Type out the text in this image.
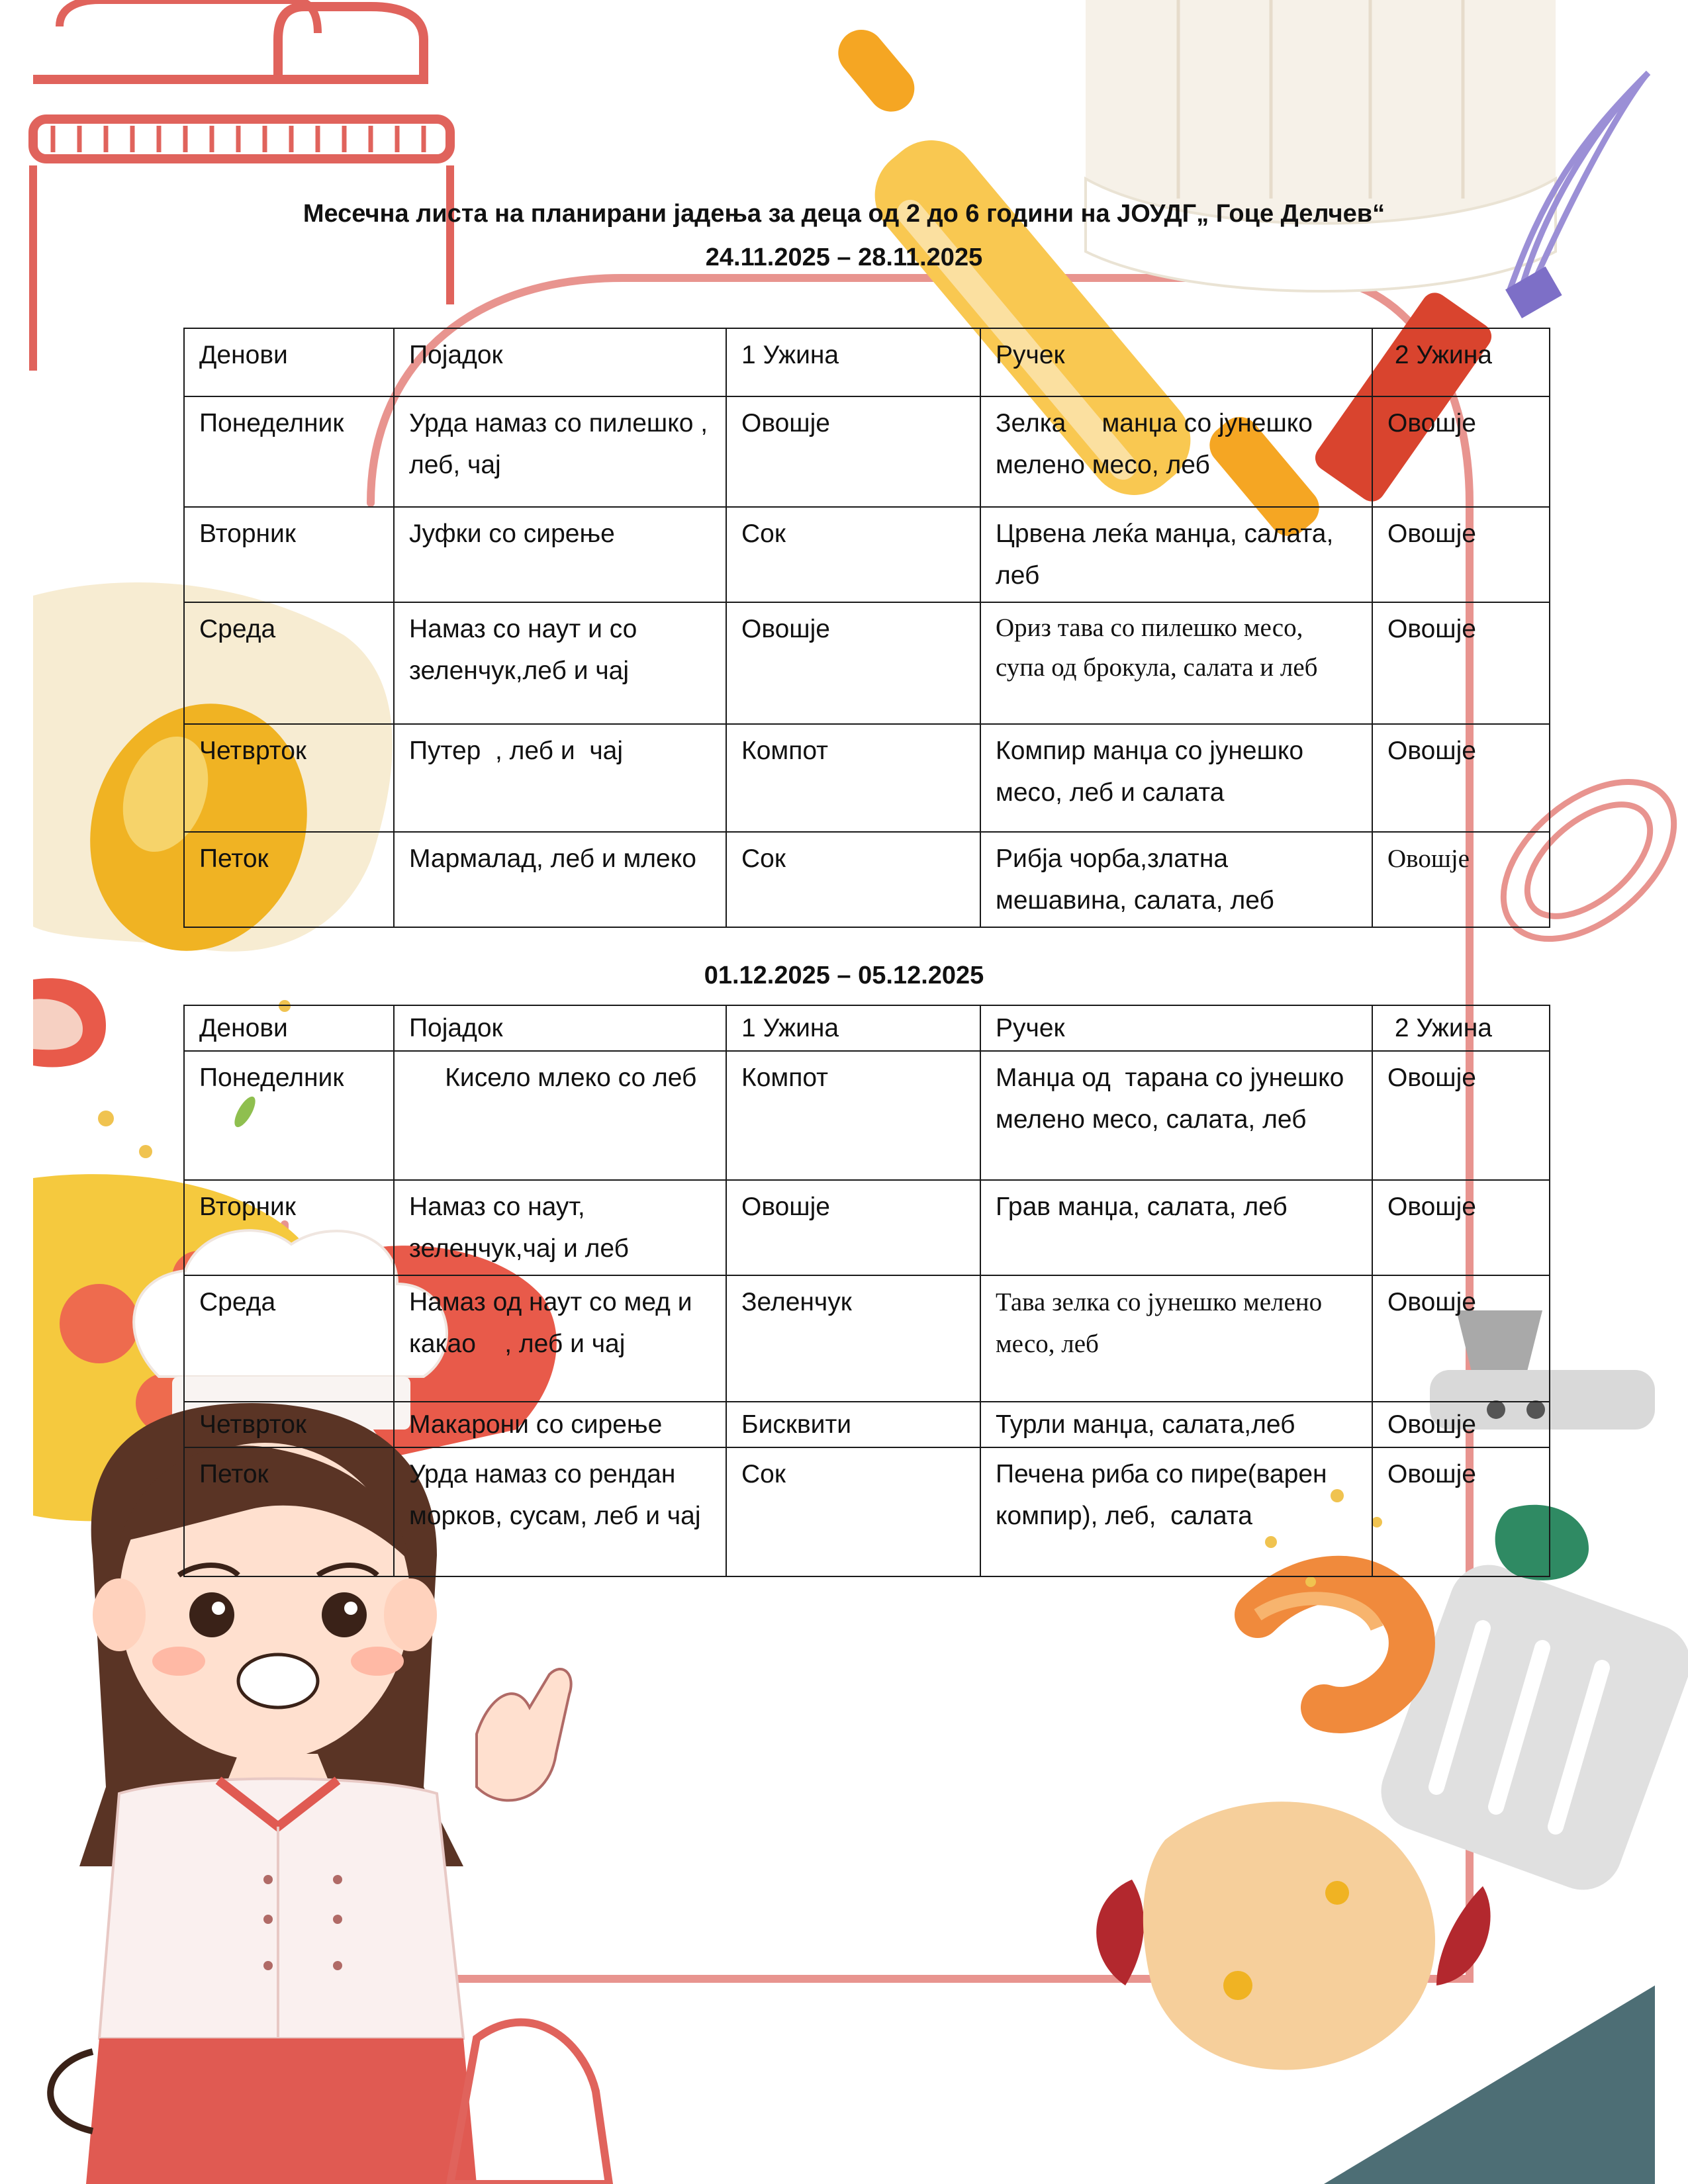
Месечна листа на планирани јадења за деца од 2 до 6 години на ЈОУДГ„ Гоце Делчев“
24.11.2025 – 28.11.2025
Денови	Појадок	1 Ужина	Ручек	2 Ужина
Понеделник	Урда намаз со пилешко , леб, чај	Овошје	Зелка     манџа со јунешко мелено месо, леб	Овошје
Вторник	Јуфки со сирење	Сок	Црвена леќа манџа, салата, леб	Овошје
Среда	Намаз со наут и со зеленчук,леб и чај	Овошје	Ориз тава со пилешко месо, супа од брокула, салата и леб	Овошје
Четврток	Путер  , леб и  чај	Компот	Компир манџа со јунешко месо, леб и салата	Овошје
Петок	Мармалад, леб и млеко	Сок	Рибја чорба,златна мешавина, салата, леб	Овошје
01.12.2025 – 05.12.2025
Денови	Појадок	1 Ужина	Ручек	2 Ужина
Понеделник	Кисело млеко со леб	Компот	Манџа од  тарана со јунешко мелено месо, салата, леб	Овошје
Вторник	Намаз со наут, зеленчук,чај и леб	Овошје	Грав манџа, салата, леб	Овошје
Среда	Намаз од наут со мед и какао    , леб и чај	Зеленчук	Тава зелка со јунешко мелено месо, леб	Овошје
Четврток	Макарони со сирење	Бисквити	Турли манџа, салата,леб	Овошје
Петок	Урда намаз со рендан морков, сусам, леб и чај	Сок	Печена риба со пире(варен компир), леб,  салата	Овошје
